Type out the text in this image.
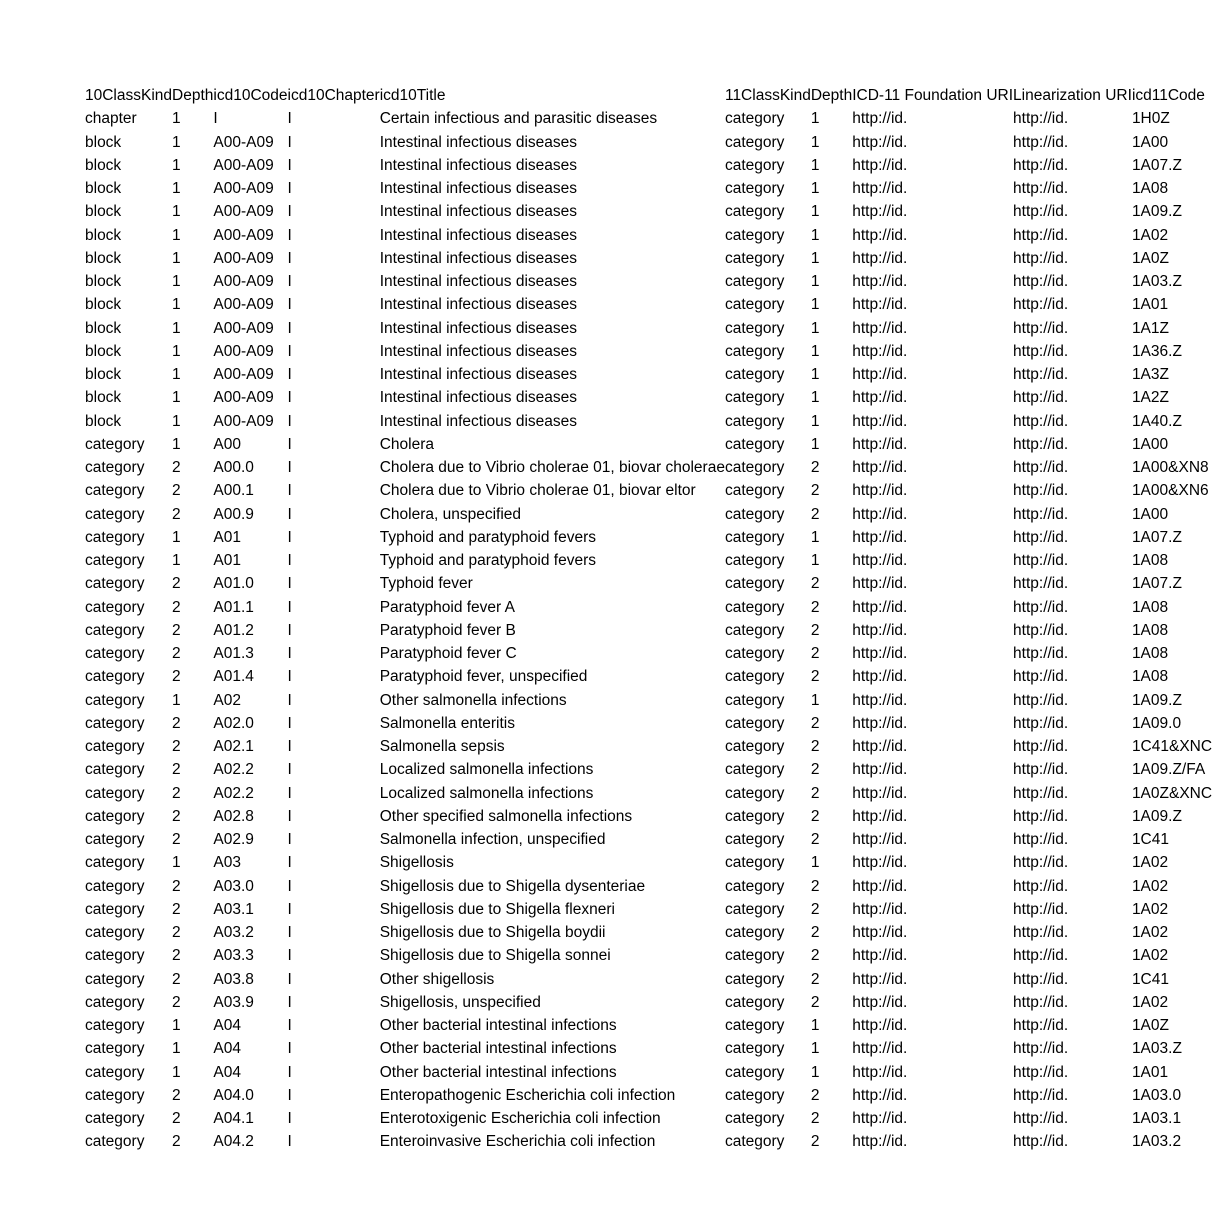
10ClassKind	Depth	icd10Code	icd10Chapter	icd10Title	11ClassKind	Depth	ICD-11 Foundation URI	Linearization URI	icd11Code
chapter	1	I	I	Certain infectious and parasitic diseases	category	1	http://id.	http://id.	1H0Z
block	1	A00-A09	I	Intestinal infectious diseases	category	1	http://id.	http://id.	1A00
block	1	A00-A09	I	Intestinal infectious diseases	category	1	http://id.	http://id.	1A07.Z
block	1	A00-A09	I	Intestinal infectious diseases	category	1	http://id.	http://id.	1A08
block	1	A00-A09	I	Intestinal infectious diseases	category	1	http://id.	http://id.	1A09.Z
block	1	A00-A09	I	Intestinal infectious diseases	category	1	http://id.	http://id.	1A02
block	1	A00-A09	I	Intestinal infectious diseases	category	1	http://id.	http://id.	1A0Z
block	1	A00-A09	I	Intestinal infectious diseases	category	1	http://id.	http://id.	1A03.Z
block	1	A00-A09	I	Intestinal infectious diseases	category	1	http://id.	http://id.	1A01
block	1	A00-A09	I	Intestinal infectious diseases	category	1	http://id.	http://id.	1A1Z
block	1	A00-A09	I	Intestinal infectious diseases	category	1	http://id.	http://id.	1A36.Z
block	1	A00-A09	I	Intestinal infectious diseases	category	1	http://id.	http://id.	1A3Z
block	1	A00-A09	I	Intestinal infectious diseases	category	1	http://id.	http://id.	1A2Z
block	1	A00-A09	I	Intestinal infectious diseases	category	1	http://id.	http://id.	1A40.Z
category	1	A00	I	Cholera	category	1	http://id.	http://id.	1A00
category	2	A00.0	I	Cholera due to Vibrio cholerae 01, biovar cholerae	category	2	http://id.	http://id.	1A00&XN8
category	2	A00.1	I	Cholera due to Vibrio cholerae 01, biovar eltor	category	2	http://id.	http://id.	1A00&XN6
category	2	A00.9	I	Cholera, unspecified	category	2	http://id.	http://id.	1A00
category	1	A01	I	Typhoid and paratyphoid fevers	category	1	http://id.	http://id.	1A07.Z
category	1	A01	I	Typhoid and paratyphoid fevers	category	1	http://id.	http://id.	1A08
category	2	A01.0	I	Typhoid fever	category	2	http://id.	http://id.	1A07.Z
category	2	A01.1	I	Paratyphoid fever A	category	2	http://id.	http://id.	1A08
category	2	A01.2	I	Paratyphoid fever B	category	2	http://id.	http://id.	1A08
category	2	A01.3	I	Paratyphoid fever C	category	2	http://id.	http://id.	1A08
category	2	A01.4	I	Paratyphoid fever, unspecified	category	2	http://id.	http://id.	1A08
category	1	A02	I	Other salmonella infections	category	1	http://id.	http://id.	1A09.Z
category	2	A02.0	I	Salmonella enteritis	category	2	http://id.	http://id.	1A09.0
category	2	A02.1	I	Salmonella sepsis	category	2	http://id.	http://id.	1C41&XNC
category	2	A02.2	I	Localized salmonella infections	category	2	http://id.	http://id.	1A09.Z/FA
category	2	A02.2	I	Localized salmonella infections	category	2	http://id.	http://id.	1A0Z&XNC
category	2	A02.8	I	Other specified salmonella infections	category	2	http://id.	http://id.	1A09.Z
category	2	A02.9	I	Salmonella infection, unspecified	category	2	http://id.	http://id.	1C41
category	1	A03	I	Shigellosis	category	1	http://id.	http://id.	1A02
category	2	A03.0	I	Shigellosis due to Shigella dysenteriae	category	2	http://id.	http://id.	1A02
category	2	A03.1	I	Shigellosis due to Shigella flexneri	category	2	http://id.	http://id.	1A02
category	2	A03.2	I	Shigellosis due to Shigella boydii	category	2	http://id.	http://id.	1A02
category	2	A03.3	I	Shigellosis due to Shigella sonnei	category	2	http://id.	http://id.	1A02
category	2	A03.8	I	Other shigellosis	category	2	http://id.	http://id.	1C41
category	2	A03.9	I	Shigellosis, unspecified	category	2	http://id.	http://id.	1A02
category	1	A04	I	Other bacterial intestinal infections	category	1	http://id.	http://id.	1A0Z
category	1	A04	I	Other bacterial intestinal infections	category	1	http://id.	http://id.	1A03.Z
category	1	A04	I	Other bacterial intestinal infections	category	1	http://id.	http://id.	1A01
category	2	A04.0	I	Enteropathogenic Escherichia coli infection	category	2	http://id.	http://id.	1A03.0
category	2	A04.1	I	Enterotoxigenic Escherichia coli infection	category	2	http://id.	http://id.	1A03.1
category	2	A04.2	I	Enteroinvasive Escherichia coli infection	category	2	http://id.	http://id.	1A03.2
